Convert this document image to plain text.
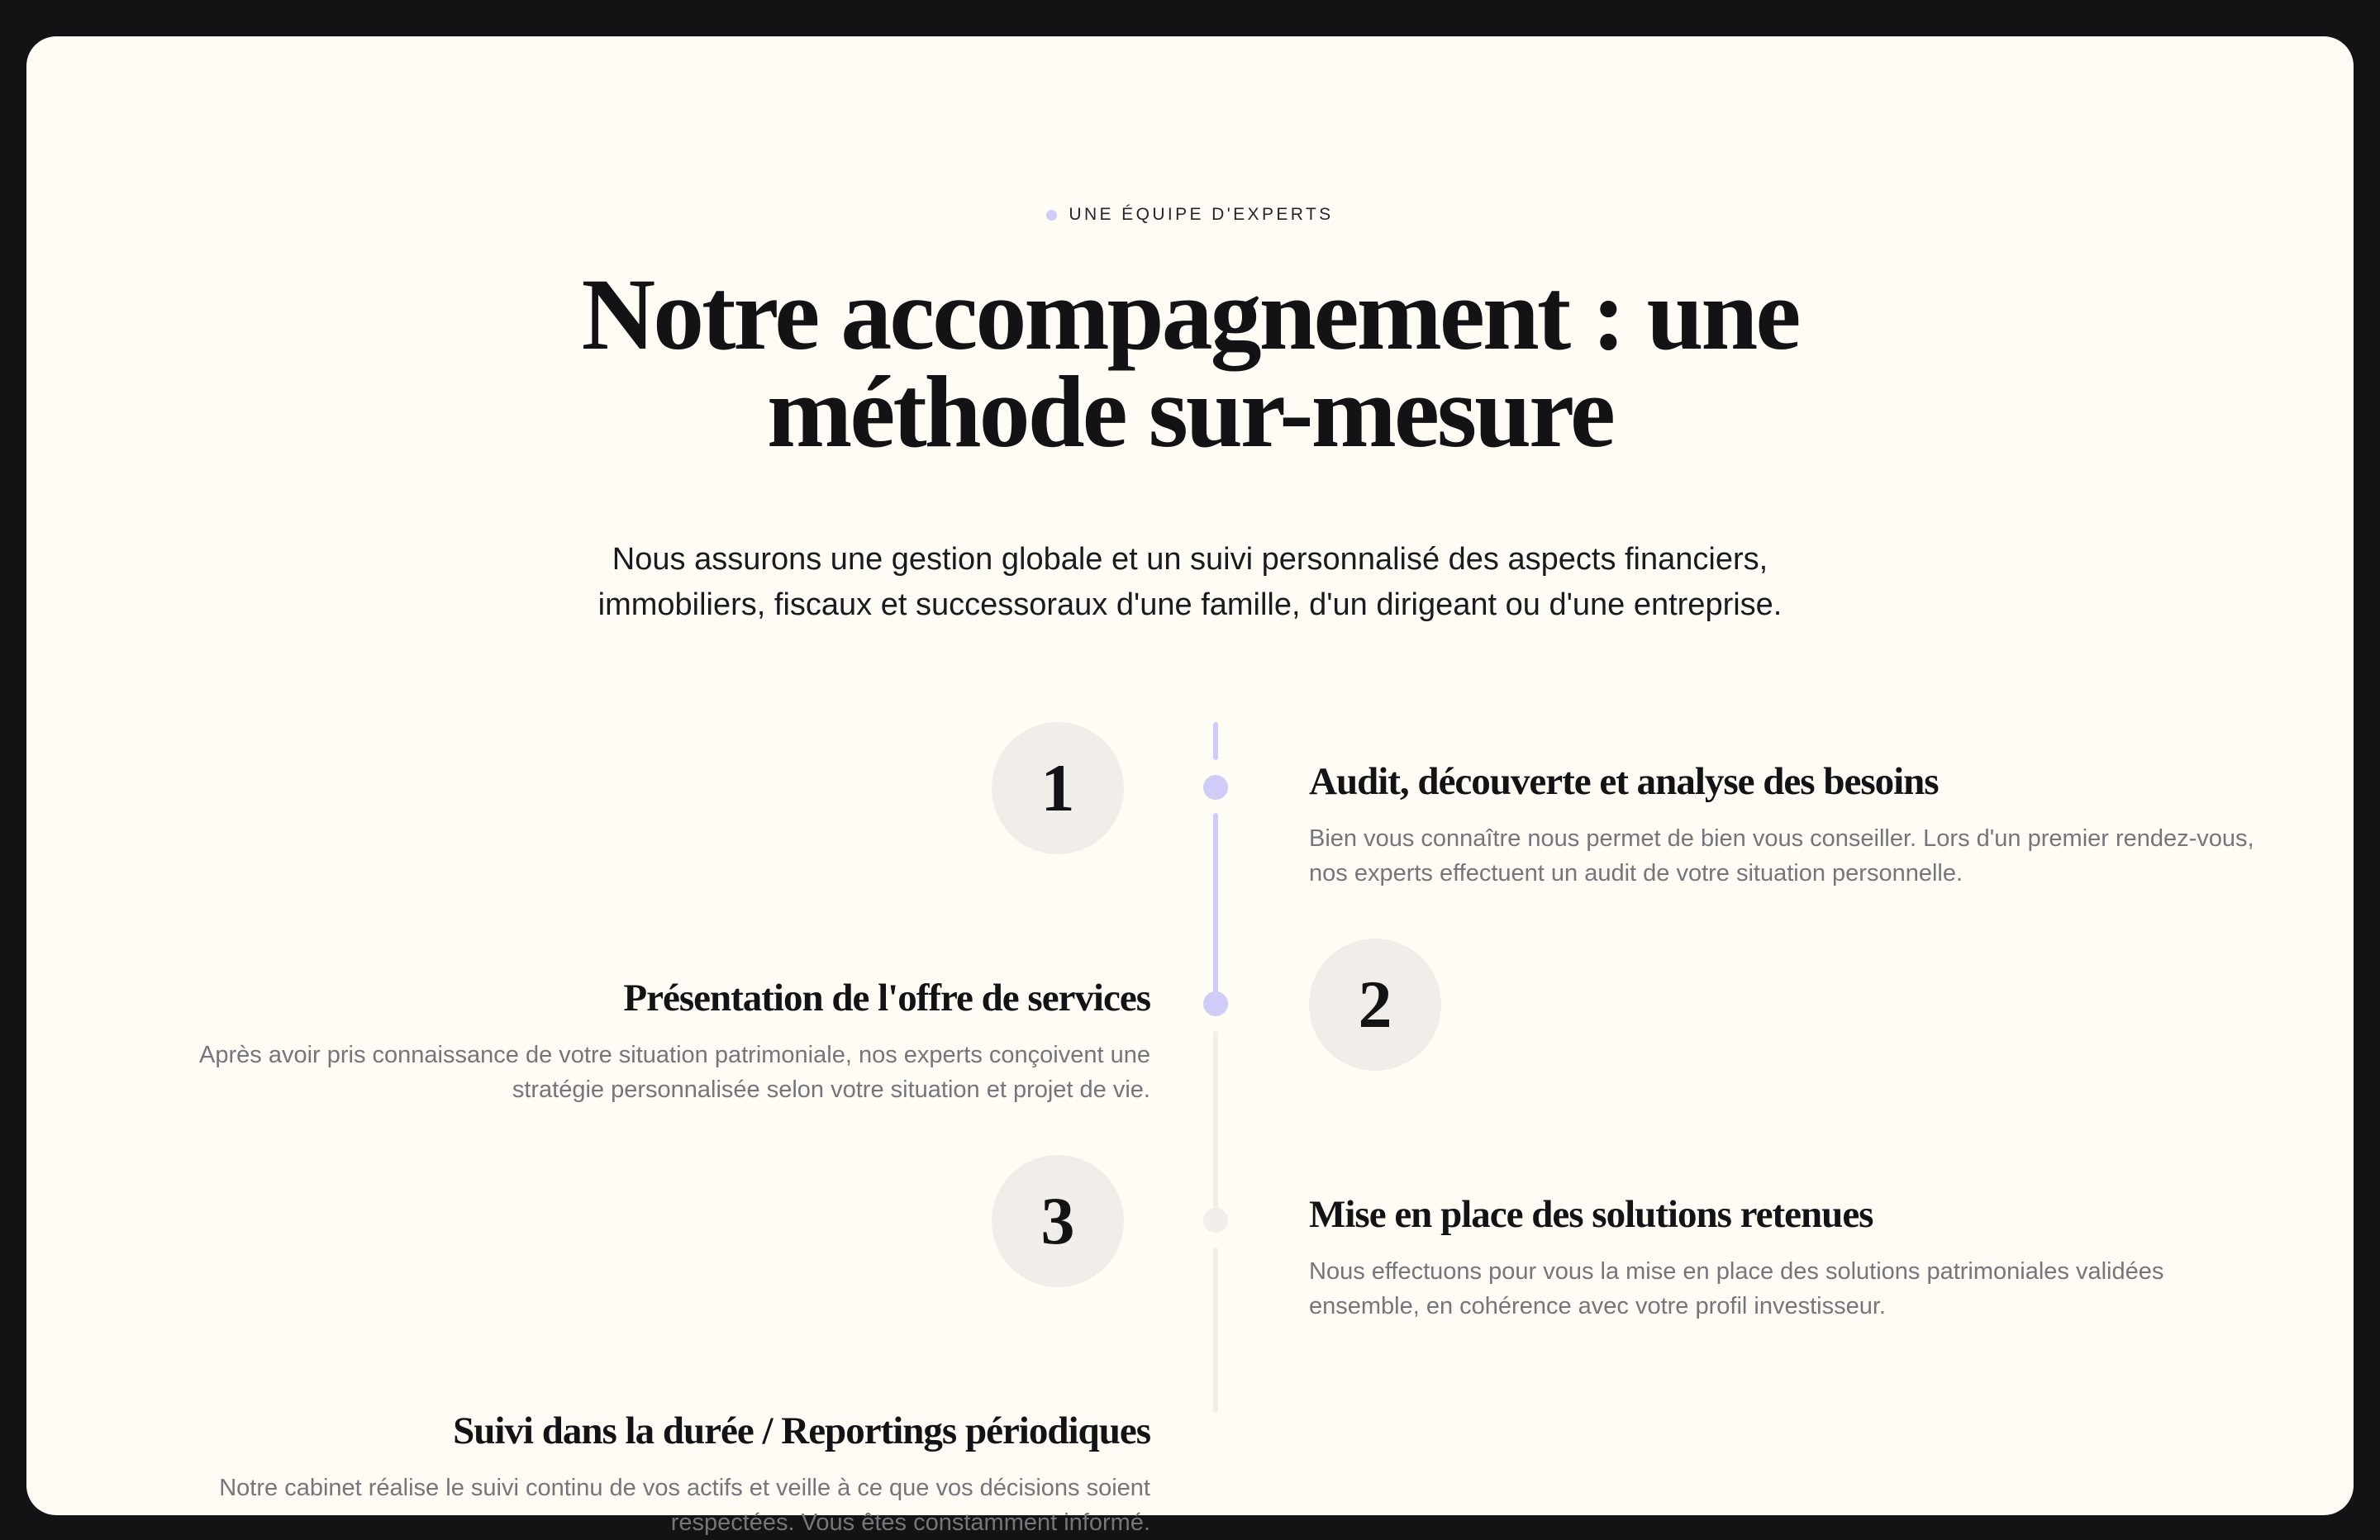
UNE ÉQUIPE D'EXPERTS
Notre accompagnement : une
méthode sur-mesure

Nous assurons une gestion globale et un suivi personnalisé des aspects financiers,
immobiliers, fiscaux et successoraux d'une famille, d'un dirigeant ou d'une entreprise.

1	Audit, découverte et analyse des besoins

Bien vous connaître nous permet de bien vous conseiller. Lors d'un premier rendez-vous,
nos experts effectuent un audit de votre situation personnelle.

Présentation de l'offre de services

Après avoir pris connaissance de votre situation patrimoniale, nos experts conçoivent une
stratégie personnalisée selon votre situation et projet de vie.

2
3	Mise en place des solutions retenues

Nous effectuons pour vous la mise en place des solutions patrimoniales validées
ensemble, en cohérence avec votre profil investisseur.

Suivi dans la durée / Reportings périodiques

Notre cabinet réalise le suivi continu de vos actifs et veille à ce que vos décisions soient
respectées. Vous êtes constamment informé.
